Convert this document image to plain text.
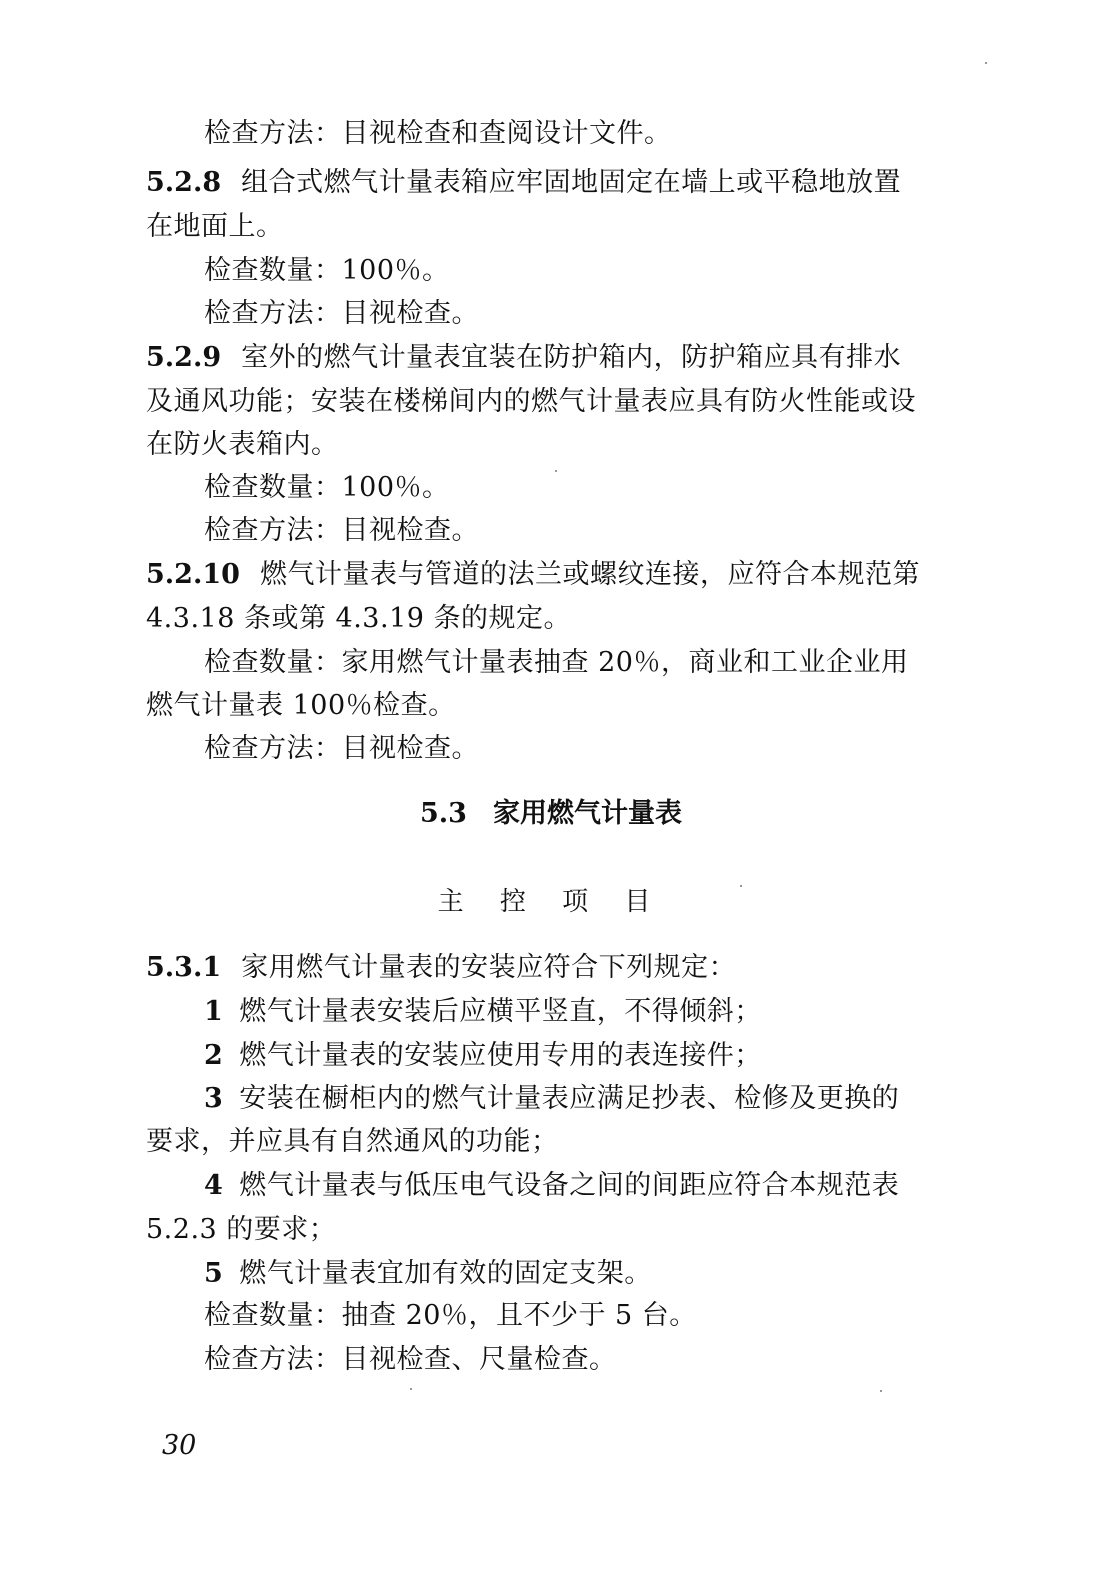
检查方法：目视检查和查阅设计文件。
5.2.8 组合式燃气计量表箱应牢固地固定在墙上或平稳地放置
在地面上。
检查数量：100％。
检查方法：目视检查。
5.2.9 室外的燃气计量表宜装在防护箱内，防护箱应具有排水
及通风功能；安装在楼梯间内的燃气计量表应具有防火性能或设
在防火表箱内。
检查数量：100％。
检查方法：目视检查。
5.2.10 燃气计量表与管道的法兰或螺纹连接，应符合本规范第
4.3.18 条或第 4.3.19 条的规定。
检查数量：家用燃气计量表抽查 20％，商业和工业企业用
燃气计量表 100％检查。
检查方法：目视检查。
5.3 家用燃气计量表
主 控 项 目
5.3.1 家用燃气计量表的安装应符合下列规定：
1 燃气计量表安装后应横平竖直，不得倾斜；
2 燃气计量表的安装应使用专用的表连接件；
3 安装在橱柜内的燃气计量表应满足抄表、检修及更换的
要求，并应具有自然通风的功能；
4 燃气计量表与低压电气设备之间的间距应符合本规范表
5.2.3 的要求；
5 燃气计量表宜加有效的固定支架。
检查数量：抽查 20％，且不少于 5 台。
检查方法：目视检查、尺量检查。
30
